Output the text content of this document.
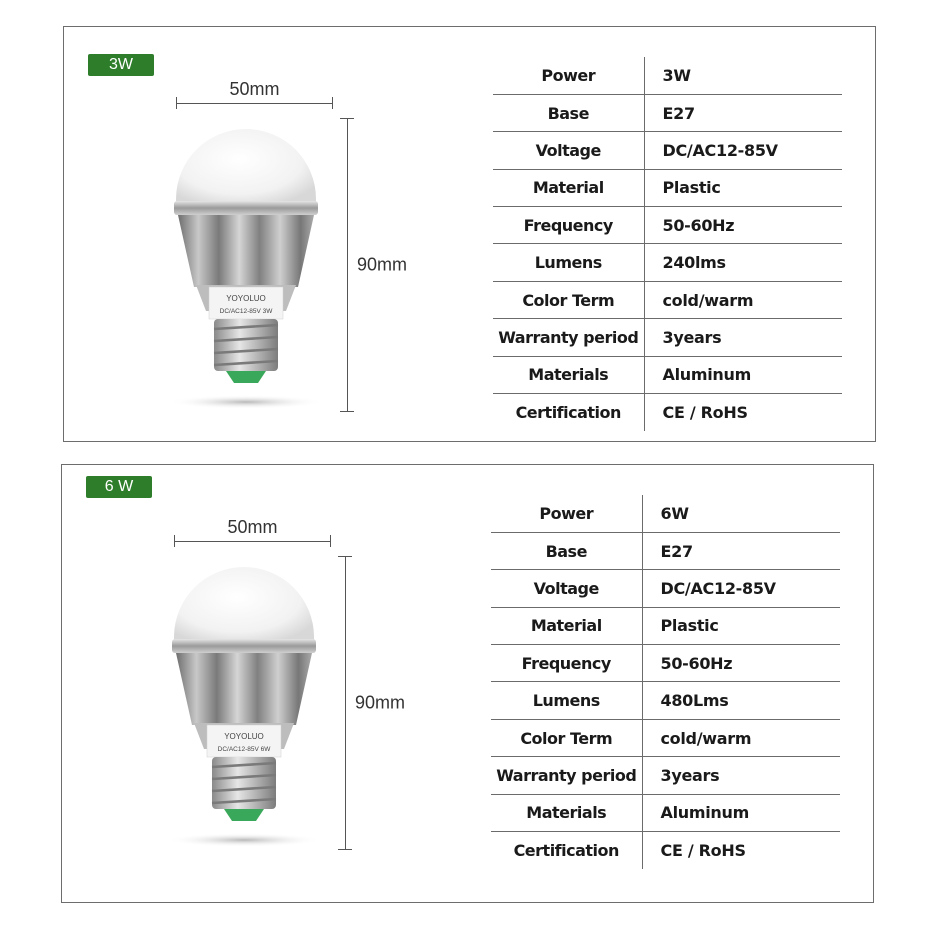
3W
50mm
90mm
YOYOLUO
DC/AC12-85V 3W
Power	3W
Base	E27
Voltage	DC/AC12-85V
Material	Plastic
Frequency	50-60Hz
Lumens	240lms
Color Term	cold/warm
Warranty period	3years
Materials	Aluminum
Certification	CE / RoHS
6 W
50mm
90mm
YOYOLUO
DC/AC12-85V 6W
Power	6W
Base	E27
Voltage	DC/AC12-85V
Material	Plastic
Frequency	50-60Hz
Lumens	480Lms
Color Term	cold/warm
Warranty period	3years
Materials	Aluminum
Certification	CE / RoHS
